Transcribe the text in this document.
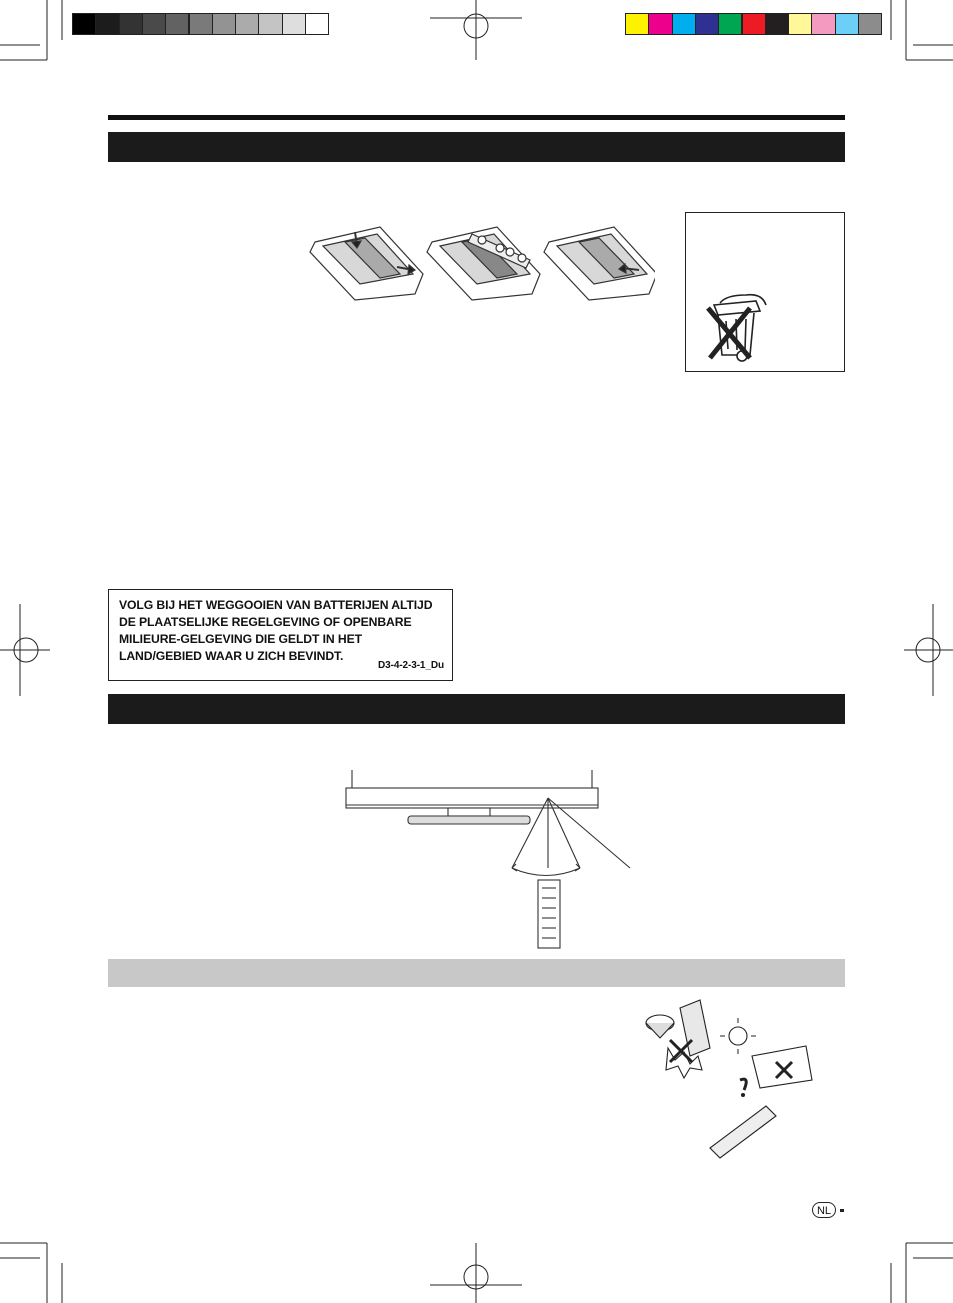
VOLG BIJ HET WEGGOOIEN VAN BATTERIJEN ALTIJD DE PLAATSELIJKE REGELGEVING OF OPENBARE MILIEURE-GELGEVING DIE GELDT IN HET LAND/GEBIED WAAR U ZICH BEVINDT.
D3-4-2-3-1_Du
NL
